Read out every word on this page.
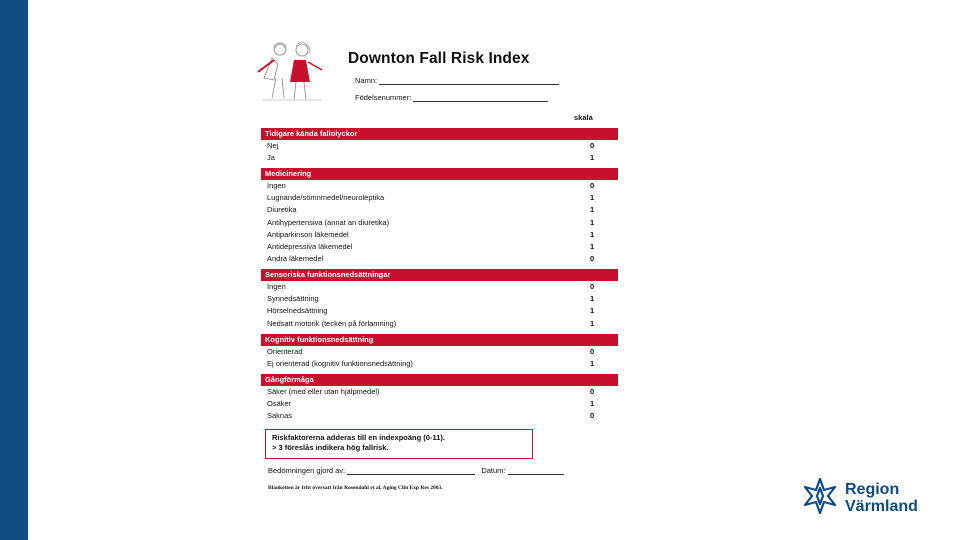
Downton Fall Risk Index
Namn:
Födelsenummer:
skala
Tidigare kända fallolyckor
Nej	0
Ja	1
Medicinering
Ingen	0
Lugnande/sömnmedel/neuroleptika	1
Diuretika	1
Antihypertensiva (annat an diuretika)	1
Antiparkinson läkemedel	1
Antidepressiva läkemedel	1
Andra läkemedel	0
Sensoriska funktionsnedsättningar
Ingen	0
Synnedsättning	1
Hörselnedsättning	1
Nedsatt motorik (tecken på förlamning)	1
Kognitiv funktionsnedsättning
Orienterad	0
Ej orienterad (kognitiv funktionsnedsättning)	1
Gångförmåga
Säker (med eller utan hjälpmedel)	0
Osäker	1
Saknas	0
Riskfaktorerna adderas till en indexpoäng (0-11).
> 3 föreslås indikera hög fallrisk.
Bedömningen gjord av:	Datum:
Blanketten är fritt översatt från Rosendahl et al, Aging Clin Exp Res 2003.	Region
Värmland
